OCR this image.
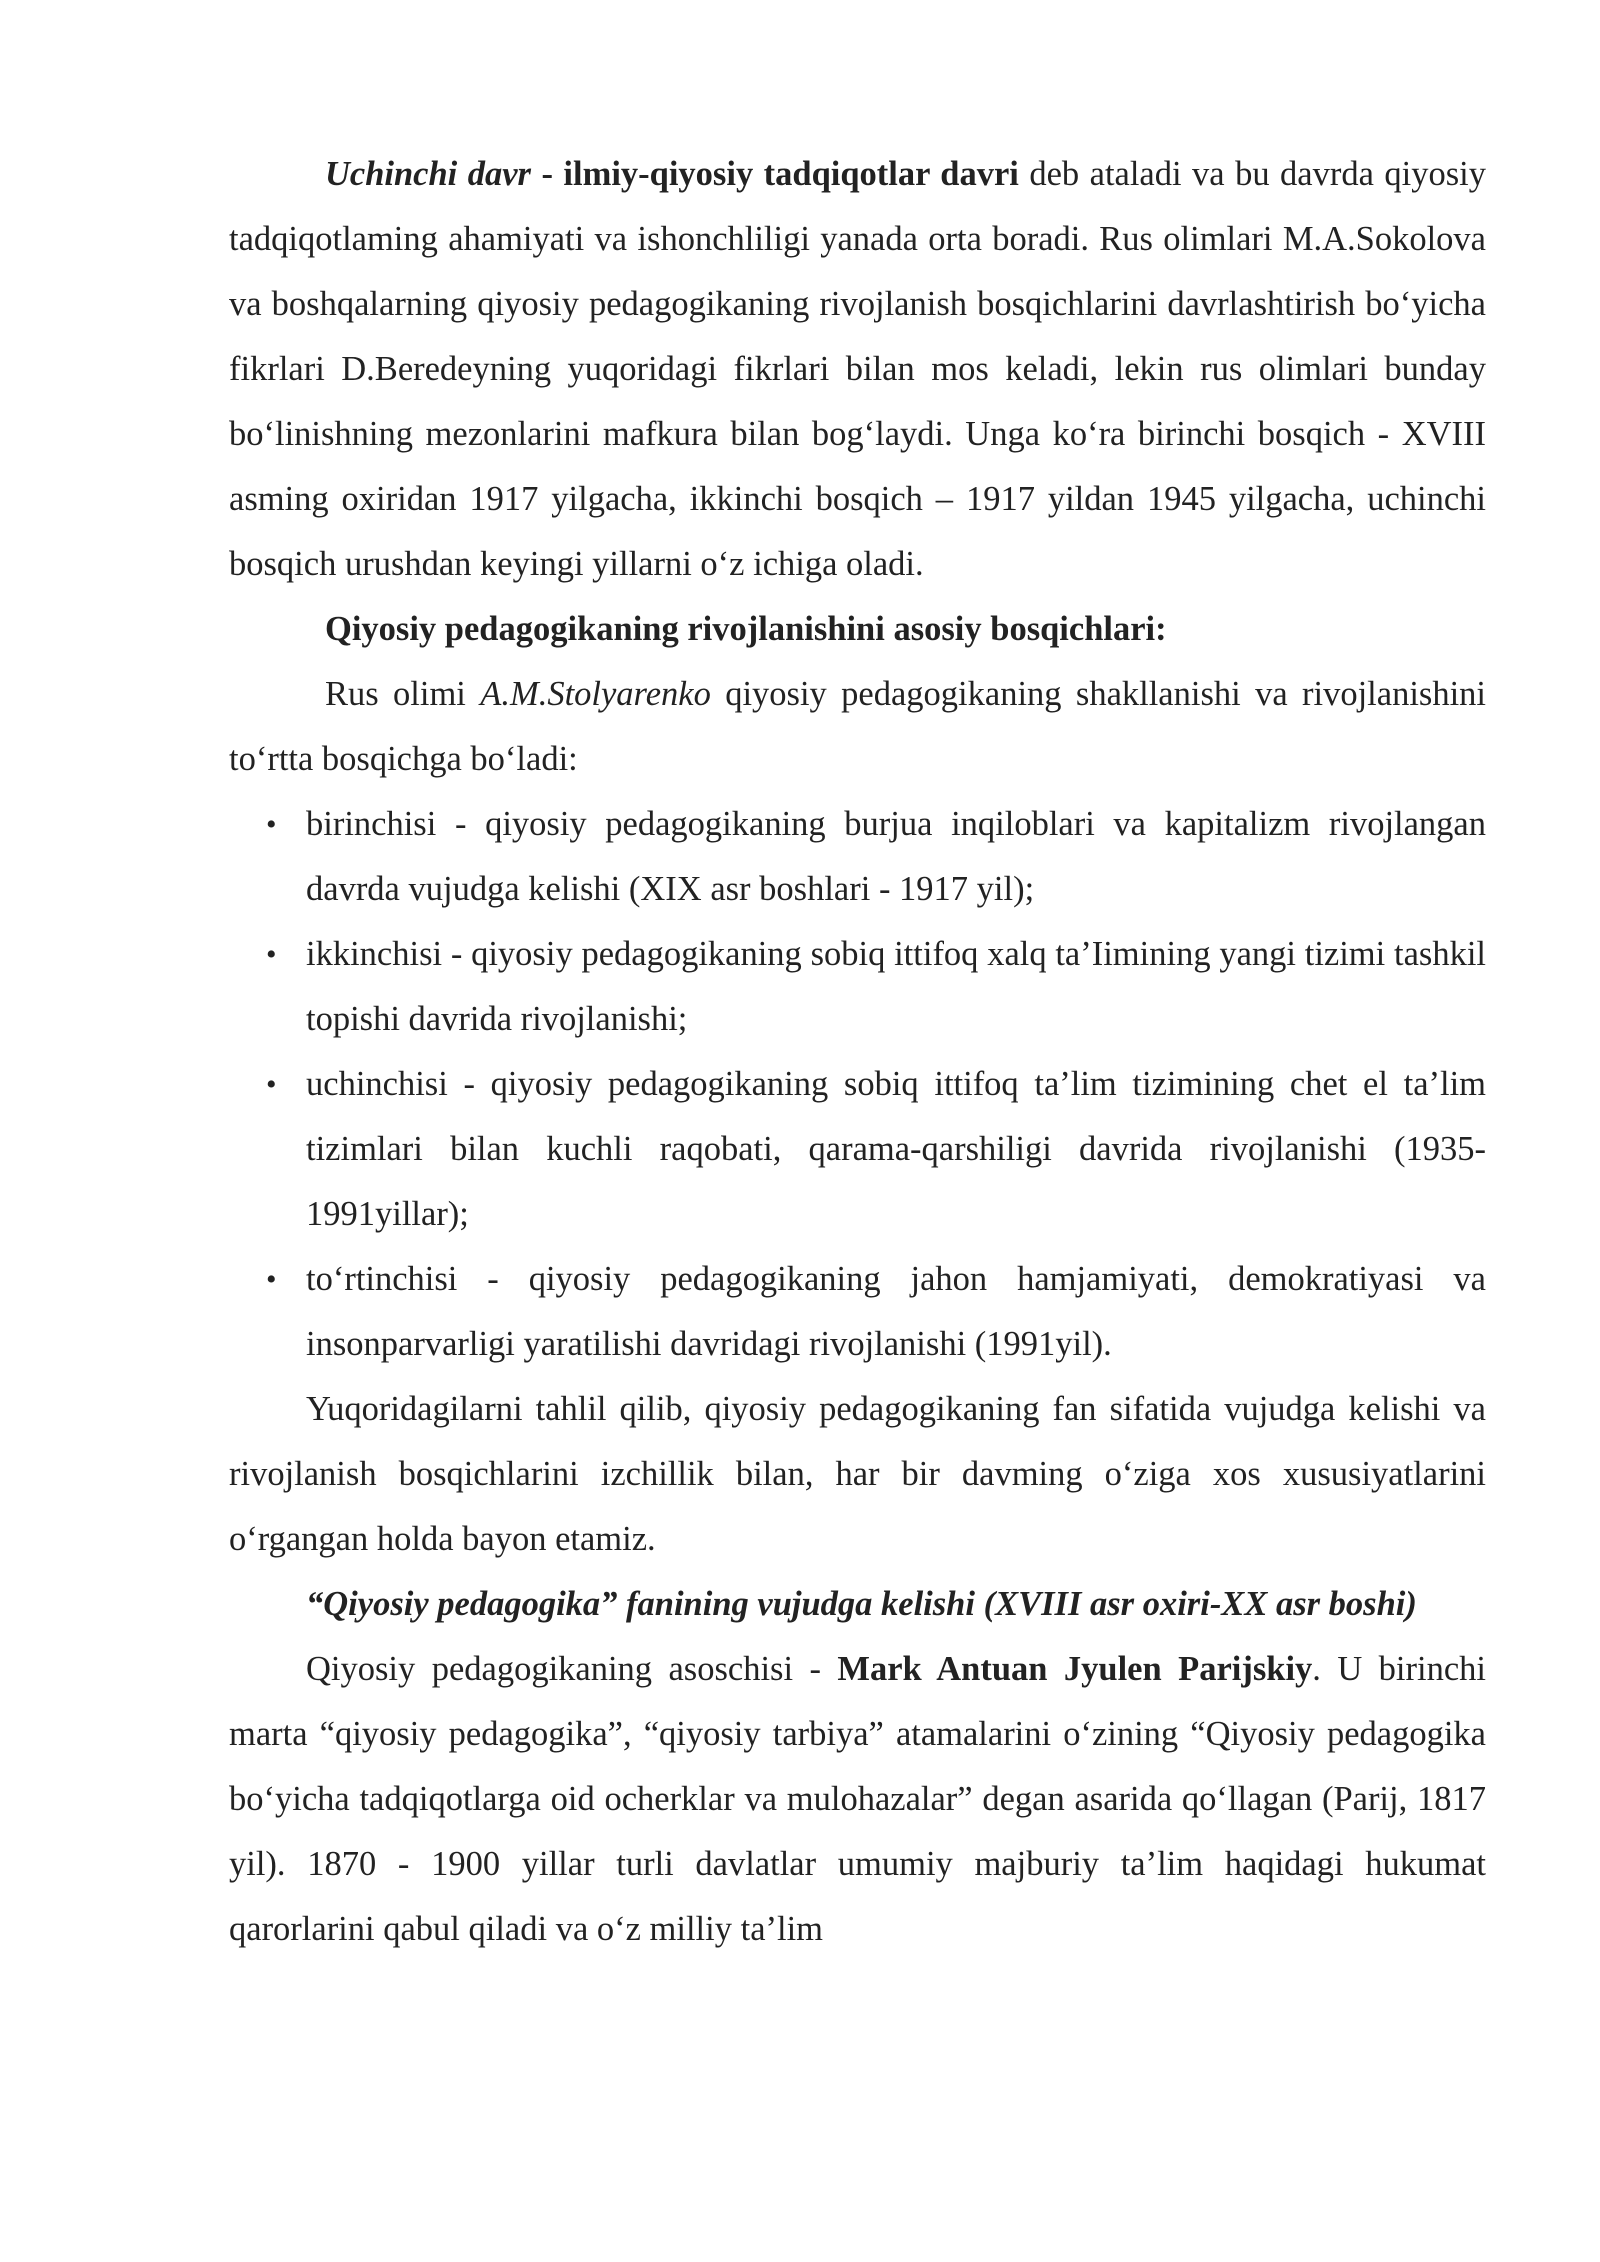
Uchinchi davr - ilmiy-qiyosiy tadqiqotlar davri deb ataladi va bu davrda qiyosiy tadqiqotlaming ahamiyati va ishonchliligi yanada orta boradi. Rus olimlari M.A.Sokolova va boshqalarning qiyosiy pedagogikaning rivojlanish bosqichlarini davrlashtirish bo‘yicha fikrlari D.Beredeyning yuqoridagi fikrlari bilan mos keladi, lekin rus olimlari bunday bo‘linishning mezonlarini mafkura bilan bog‘laydi. Unga ko‘ra birinchi bosqich - XVIII asming oxiridan 1917 yilgacha, ikkinchi bosqich – 1917 yildan 1945 yilgacha, uchinchi bosqich urushdan keyingi yillarni o‘z ichiga oladi.

Qiyosiy pedagogikaning rivojlanishini asosiy bosqichlari:

Rus olimi A.M.Stolyarenko qiyosiy pedagogikaning shakllanishi va rivojlanishini to‘rtta bosqichga bo‘ladi:

• birinchisi - qiyosiy pedagogikaning burjua inqiloblari va kapitalizm rivojlangan davrda vujudga kelishi (XIX asr boshlari - 1917 yil);
• ikkinchisi - qiyosiy pedagogikaning sobiq ittifoq xalq ta’Iimining yangi tizimi tashkil topishi davrida rivojlanishi;
• uchinchisi - qiyosiy pedagogikaning sobiq ittifoq ta’lim tizimining chet el ta’lim tizimlari bilan kuchli raqobati, qarama-qarshiligi davrida rivojlanishi (1935-1991yillar);
• to‘rtinchisi - qiyosiy pedagogikaning jahon hamjamiyati, demokratiyasi va insonparvarligi yaratilishi davridagi rivojlanishi (1991yil).

Yuqoridagilarni tahlil qilib, qiyosiy pedagogikaning fan sifatida vujudga kelishi va rivojlanish bosqichlarini izchillik bilan, har bir davming o‘ziga xos xususiyatlarini o‘rgangan holda bayon etamiz.

“Qiyosiy pedagogika” fanining vujudga kelishi (XVIII asr oxiri-XX asr boshi)

Qiyosiy pedagogikaning asoschisi - Mark Antuan Jyulen Parijskiy. U birinchi marta “qiyosiy pedagogika”, “qiyosiy tarbiya” atamalarini o‘zining “Qiyosiy pedagogika bo‘yicha tadqiqotlarga oid ocherklar va mulohazalar” degan asarida qo‘llagan (Parij, 1817 yil). 1870 - 1900 yillar turli davlatlar umumiy majburiy ta’lim haqidagi hukumat qarorlarini qabul qiladi va o‘z milliy ta’lim
